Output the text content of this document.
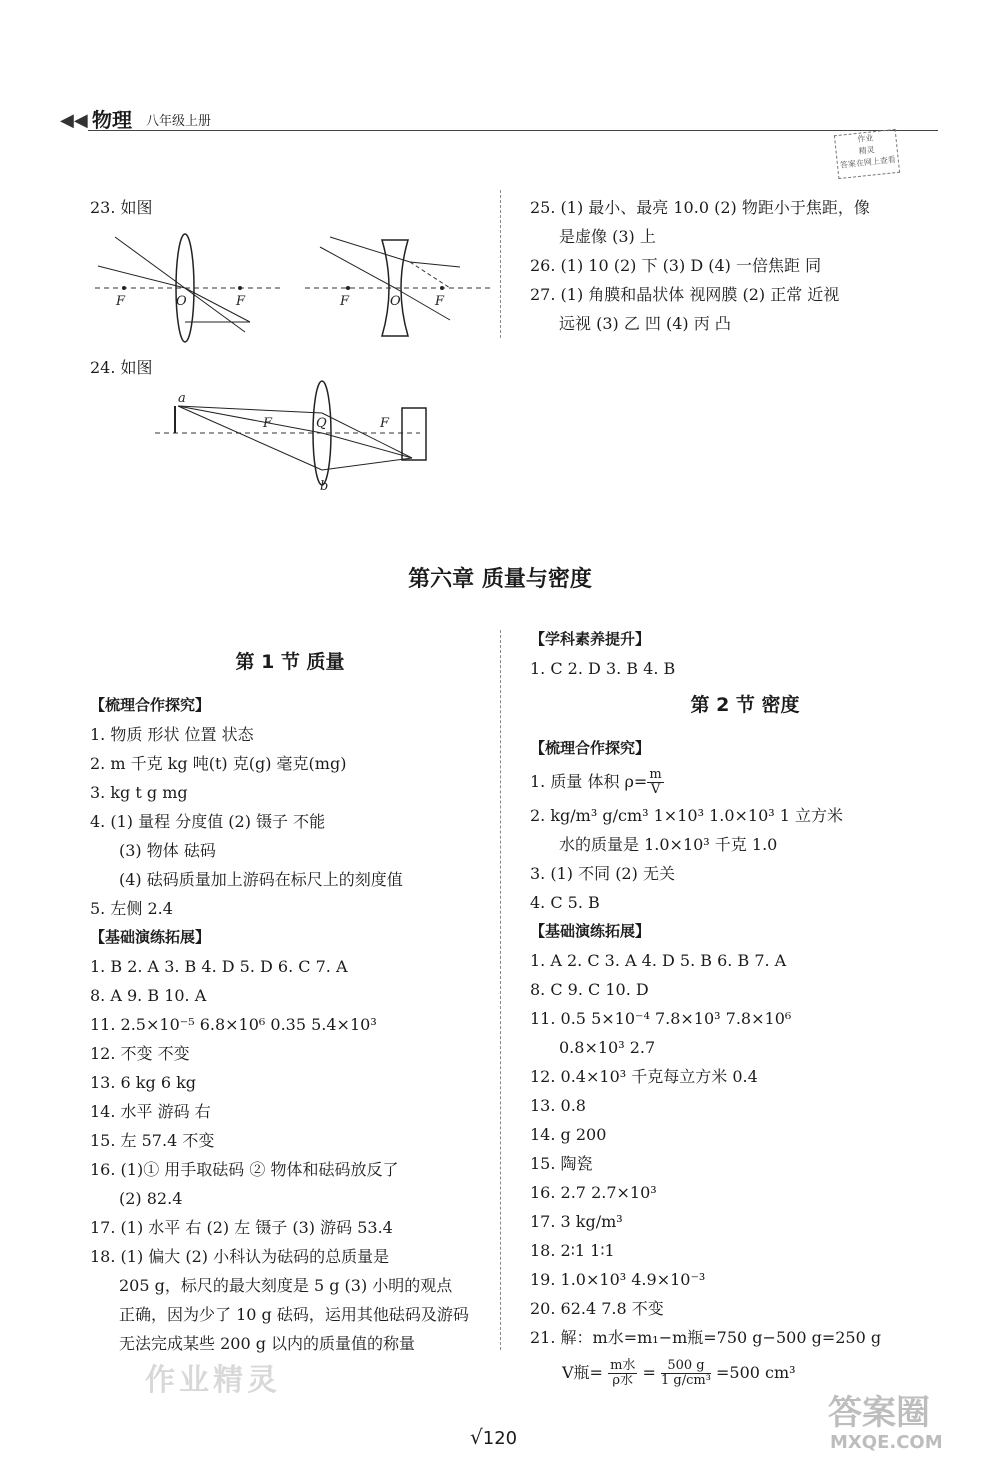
◀◀ 物理 八年级上册
作业
精灵
答案在网上查看
23. 如图
F	O	F	F	O	F
24. 如图
a
F	Q	F
b
25. (1) 最小、最亮 10.0 (2) 物距小于焦距，像
是虚像 (3) 上
26. (1) 10 (2) 下 (3) D (4) 一倍焦距 同
27. (1) 角膜和晶状体 视网膜 (2) 正常 近视
远视 (3) 乙 凹 (4) 丙 凸
第六章 质量与密度
第 1 节 质量
【梳理合作探究】
1. 物质 形状 位置 状态
2. m 千克 kg 吨(t) 克(g) 毫克(mg)
3. kg t g mg
4. (1) 量程 分度值 (2) 镊子 不能
(3) 物体 砝码
(4) 砝码质量加上游码在标尺上的刻度值
5. 左侧 2.4
【基础演练拓展】
1. B 2. A 3. B 4. D 5. D 6. C 7. A
8. A 9. B 10. A
11. 2.5×10⁻⁵ 6.8×10⁶ 0.35 5.4×10³
12. 不变 不变
13. 6 kg 6 kg
14. 水平 游码 右
15. 左 57.4 不变
16. (1)① 用手取砝码 ② 物体和砝码放反了
(2) 82.4
17. (1) 水平 右 (2) 左 镊子 (3) 游码 53.4
18. (1) 偏大 (2) 小科认为砝码的总质量是
205 g，标尺的最大刻度是 5 g (3) 小明的观点
正确，因为少了 10 g 砝码，运用其他砝码及游码
无法完成某些 200 g 以内的质量值的称量
【学科素养提升】
1. C 2. D 3. B 4. B
第 2 节 密度
【梳理合作探究】
1. 质量 体积 $\rho= \frac{m}{V}$
2. kg/m³ g/cm³ 1×10³ 1.0×10³ 1 立方米
水的质量是 1.0×10³ 千克 1.0
3. (1) 不同 (2) 无关
4. C 5. B
【基础演练拓展】
1. A 2. C 3. A 4. D 5. B 6. B 7. A
8. C 9. C 10. D
11. 0.5 5×10⁻⁴ 7.8×10³ 7.8×10⁶
0.8×10³ 2.7
12. 0.4×10³ 千克每立方米 0.4
13. 0.8
14. g 200
15. 陶瓷
16. 2.7 2.7×10³
17. 3 kg/m³
18. 2∶1 1∶1
19. 1.0×10³ 4.9×10⁻³
20. 62.4 7.8 不变
21. 解：m水=m₁−m瓶=750 g−500 g=250 g
V瓶= $\frac{\text{m水}}{\text{ρ水}} = \frac{500 g}{\text{1 g/cm³}} =500$ cm³
作业精灵
答案圈
MXQE.COM
√120
